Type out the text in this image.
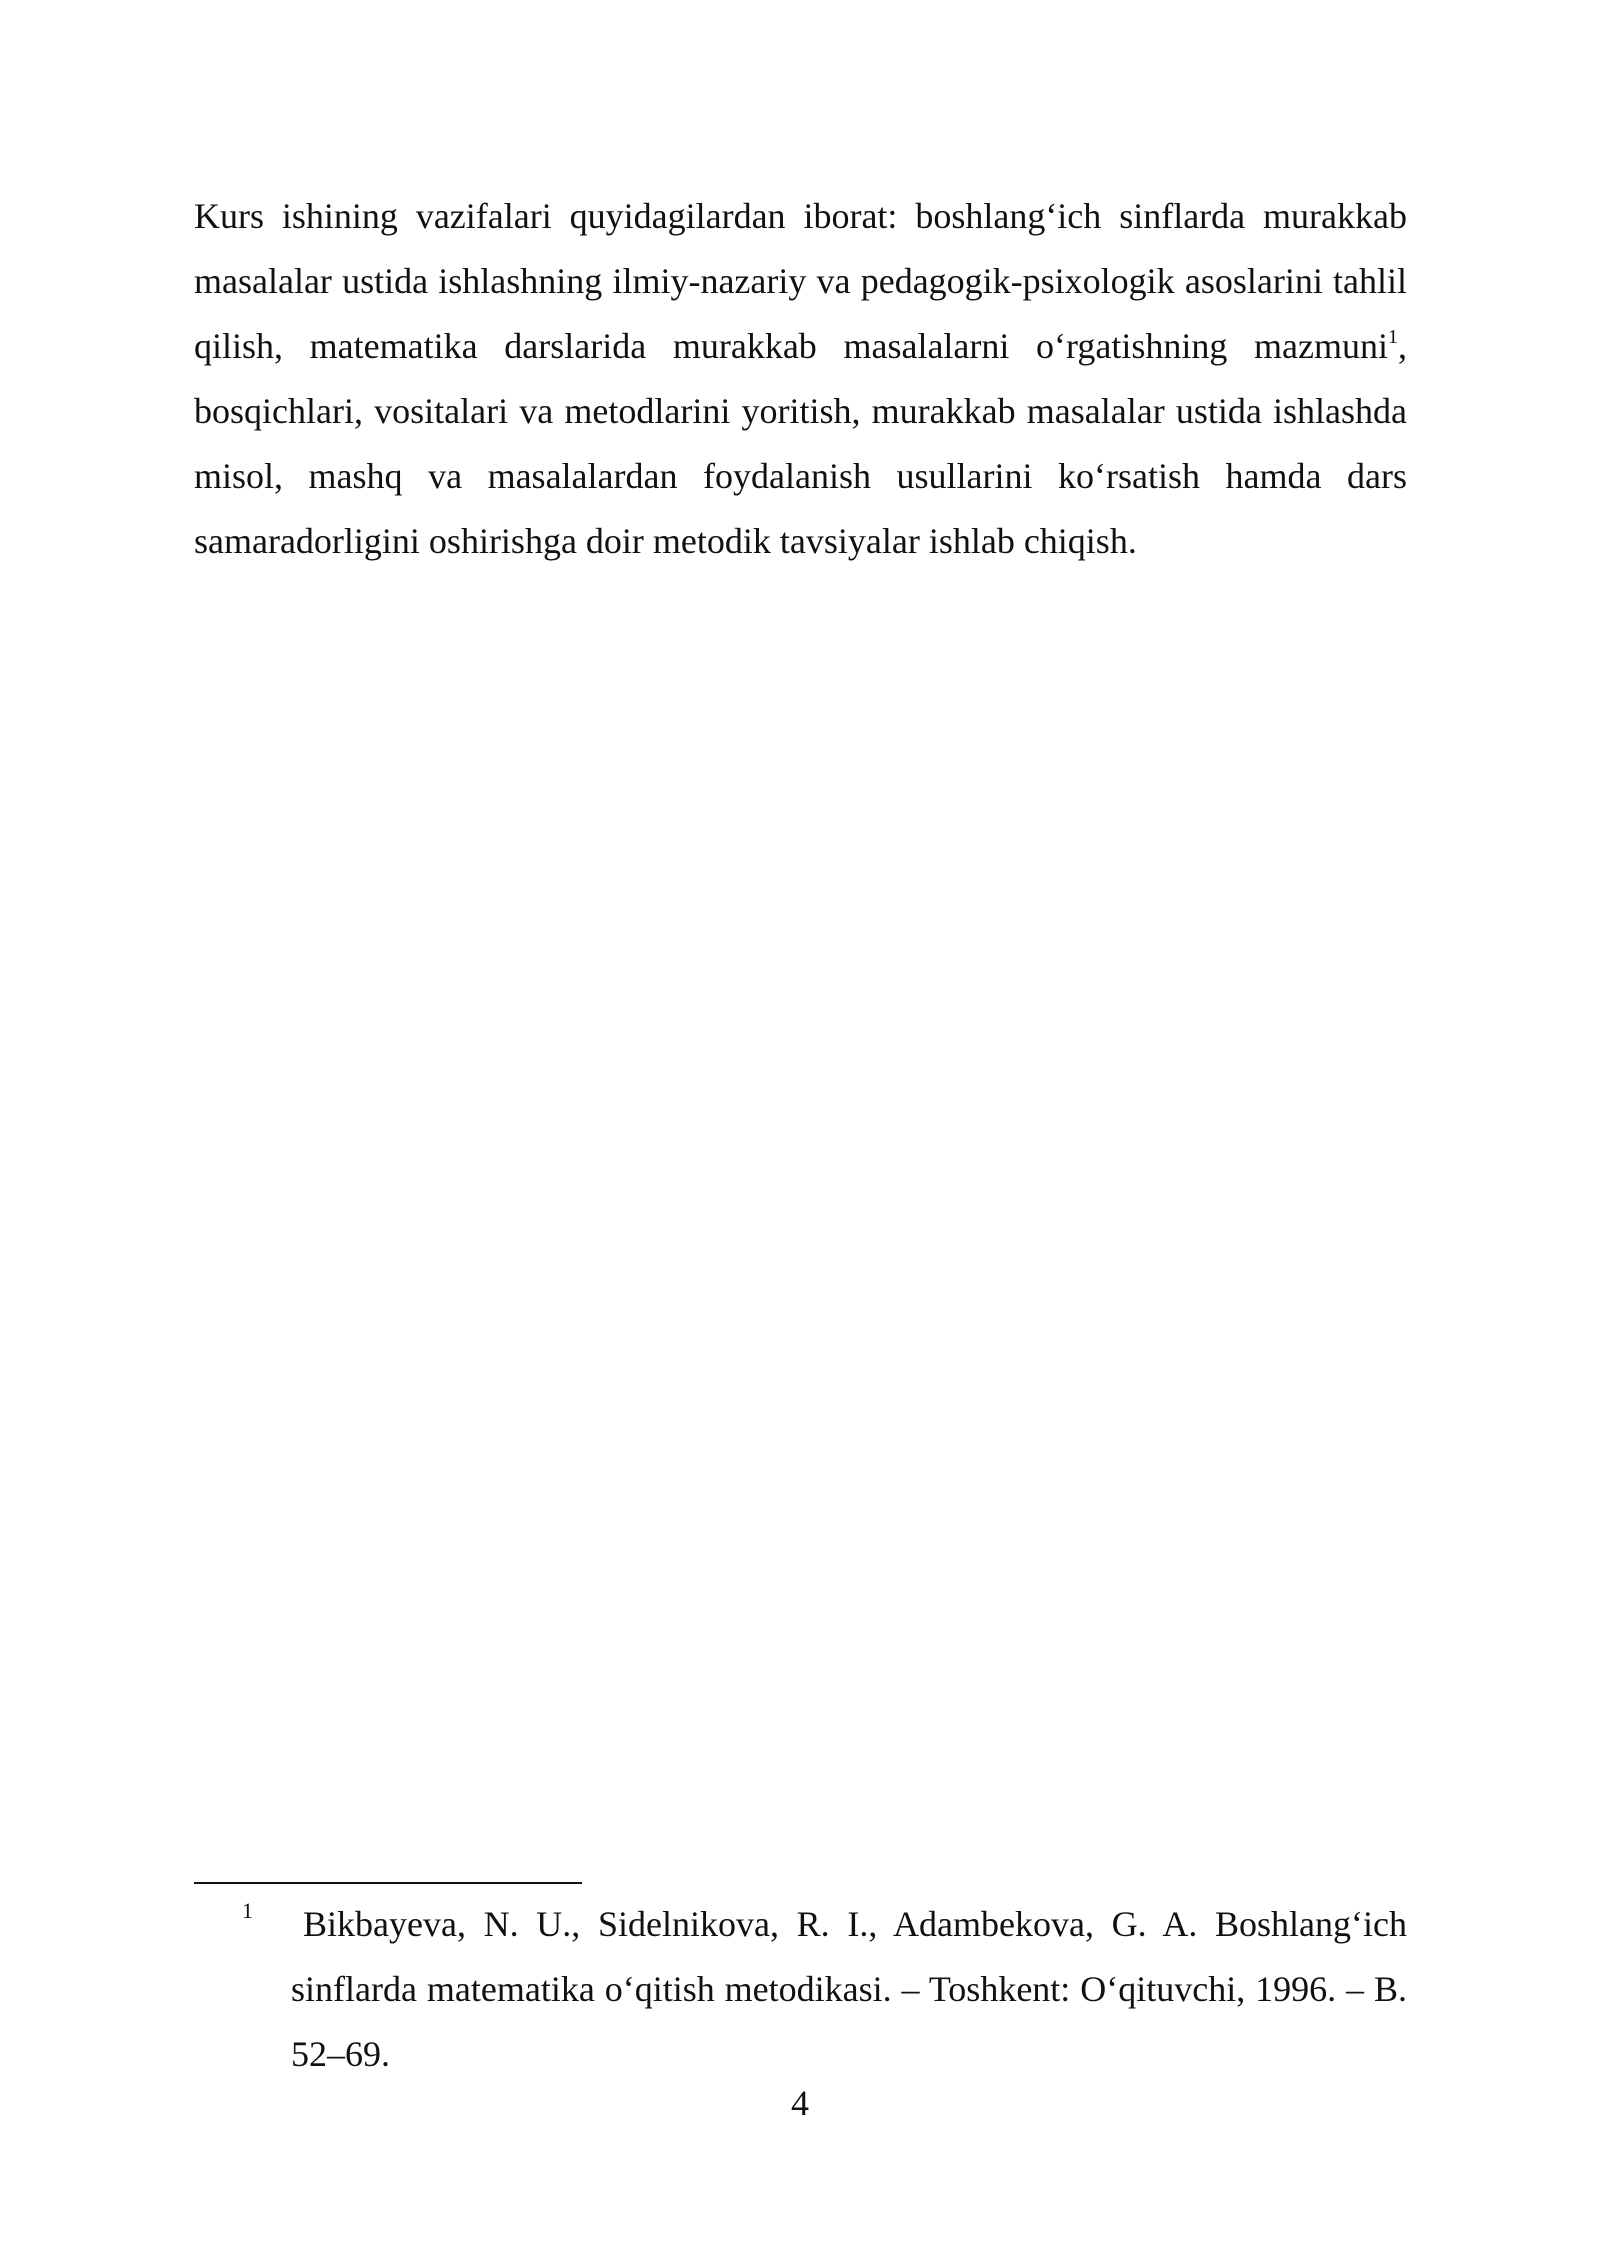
Kurs ishining vazifalari quyidagilardan iborat: boshlang‘ich sinflarda murakkab masalalar ustida ishlashning ilmiy-nazariy va pedagogik-psixologik asoslarini tahlil qilish, matematika darslarida murakkab masalalarni o‘rgatishning mazmuni$^1$, bosqichlari, vositalari va metodlarini yoritish, murakkab masalalar ustida ishlashda misol, mashq va masalalardan foydalanish usullarini ko‘rsatish hamda dars samaradorligini oshirishga doir metodik tavsiyalar ishlab chiqish.

1	Bikbayeva, N. U., Sidelnikova, R. I., Adambekova, G. A. Boshlang‘ich sinflarda matematika o‘qitish metodikasi. – Toshkent: O‘qituvchi, 1996. – B. 52–69.
4
